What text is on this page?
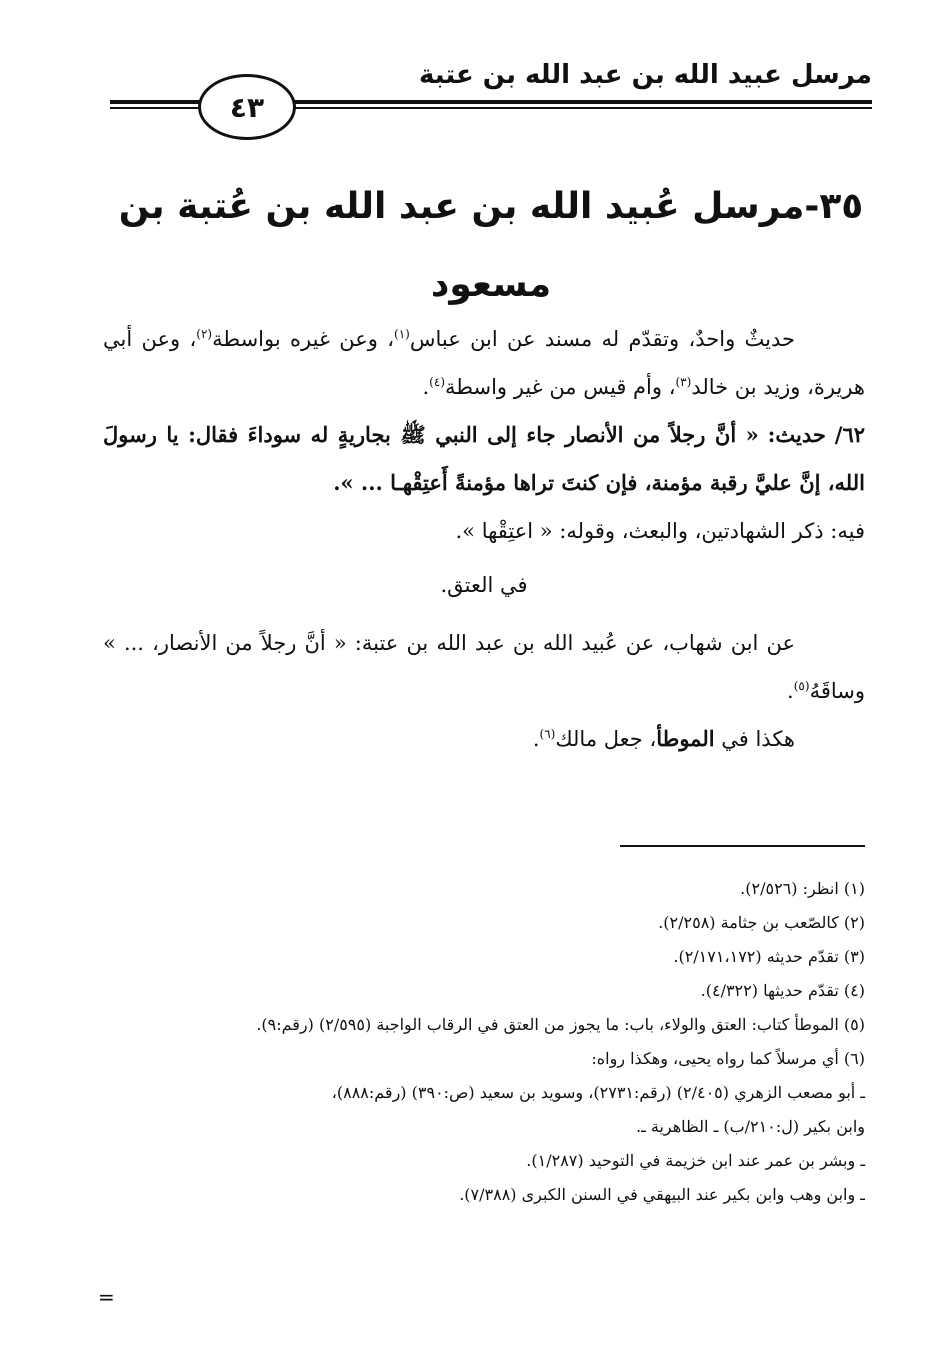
مرسل عبيد الله بن عبد الله بن عتبة
٤٣
٣٥-مرسل عُبيد الله بن عبد الله بن عُتبة بن
مسعود

حديثٌ واحدٌ، وتقدّم له مسند عن ابن عباس$^{(١)}$، وعن غيره بواسطة$^{(٢)}$، وعن أبي هريرة، وزيد بن خالد$^{(٣)}$، وأم قيس من غير واسطة$^{(٤)}$.

٦٢/ حديث: « أنَّ رجلاً من الأنصار جاء إلى النبي ﷺ بجاريةٍ له سوداءَ فقال: يا رسولَ الله، إنَّ عليَّ رقبة مؤمنة، فإن كنتَ تراها مؤمنةً أَعتِقْهـا ... ».

فيه: ذكر الشهادتين، والبعث، وقوله: « اعتِقْها ».

في العتق.

عن ابن شهاب، عن عُبيد الله بن عبد الله بن عتبة: « أنَّ رجلاً من الأنصار، ... » وساقَهُ$^{(٥)}$.

هكذا في الموطأ، جعل مالك$^{(٦)}$.

(١) انظر: (٢/٥٢٦).
(٢) كالصّعب بن جثامة (٢/٢٥٨).
(٣) تقدّم حديثه (٢/١٧١،١٧٢).
(٤) تقدّم حديثها (٤/٣٢٢).
(٥) الموطأ كتاب: العتق والولاء، باب: ما يجوز من العتق في الرقاب الواجبة (٢/٥٩٥) (رقم:٩).
(٦) أي مرسلاً كما رواه يحيى، وهكذا رواه:
ـ أبو مصعب الزهري (٢/٤٠٥) (رقم:٢٧٣١)، وسويد بن سعيد (ص:٣٩٠) (رقم:٨٨٨)،
وابن بكير (ل:٢١٠/ب) ـ الظاهرية ـ.
ـ وبشر بن عمر عند ابن خزيمة في التوحيد (١/٢٨٧).
ـ وابن وهب وابن بكير عند البيهقي في السنن الكبرى (٧/٣٨٨).
=
